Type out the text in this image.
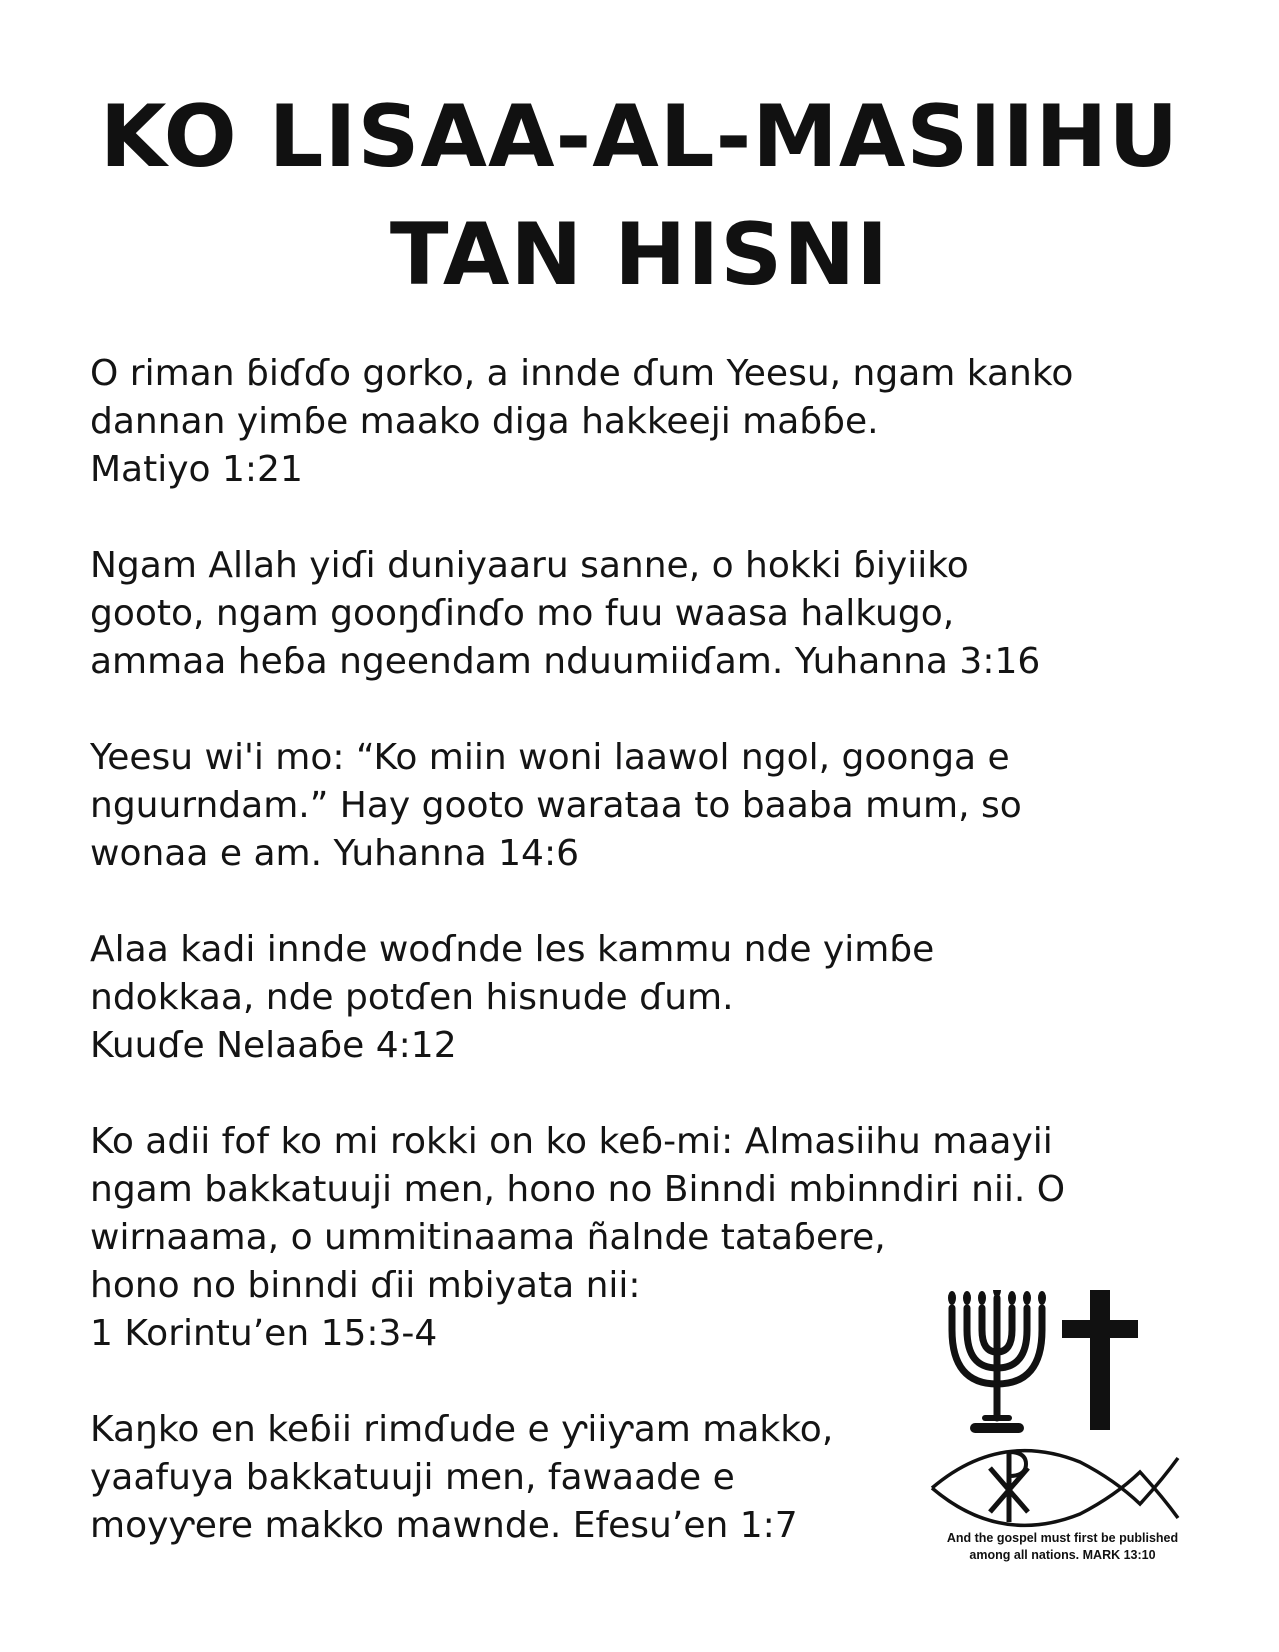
KO LISAA-AL-MASIIHU
TAN HISNI
O riman ɓiɗɗo gorko, a innde ɗum Yeesu, ngam kanko
dannan yimɓe maako diga hakkeeji maɓɓe.
Matiyo 1:21
Ngam Allah yiɗi duniyaaru sanne, o hokki ɓiyiiko
gooto, ngam gooŋɗinɗo mo fuu waasa halkugo,
ammaa heɓa ngeendam nduumiiɗam. Yuhanna 3:16
Yeesu wi'i mo: “Ko miin woni laawol ngol, goonga e
nguurndam.” Hay gooto waratаа to baaba mum, so
wonaa e am. Yuhanna 14:6
Alaa kadi innde woɗnde les kammu nde yimɓe
ndokkaa, nde potɗen hisnude ɗum.
Kuuɗe Nelaaɓe 4:12
Ko adii fof ko mi rokki on ko keɓ-mi: Almasiihu maayii
ngam bakkatuuji men, hono no Binndi mbinndiri nii. O
wirnaama, o ummitinaama ñalnde tataɓere,
hono no binndi ɗii mbiyata nii:
1 Korintu’en 15:3-4
Kaŋko en keɓii rimɗude e ƴiiƴam makko,
yaafuya bakkatuuji men, fawaade e
moyƴere makko mawnde. Efesu’en 1:7	And the gospel must first be published
among all nations. MARK 13:10
